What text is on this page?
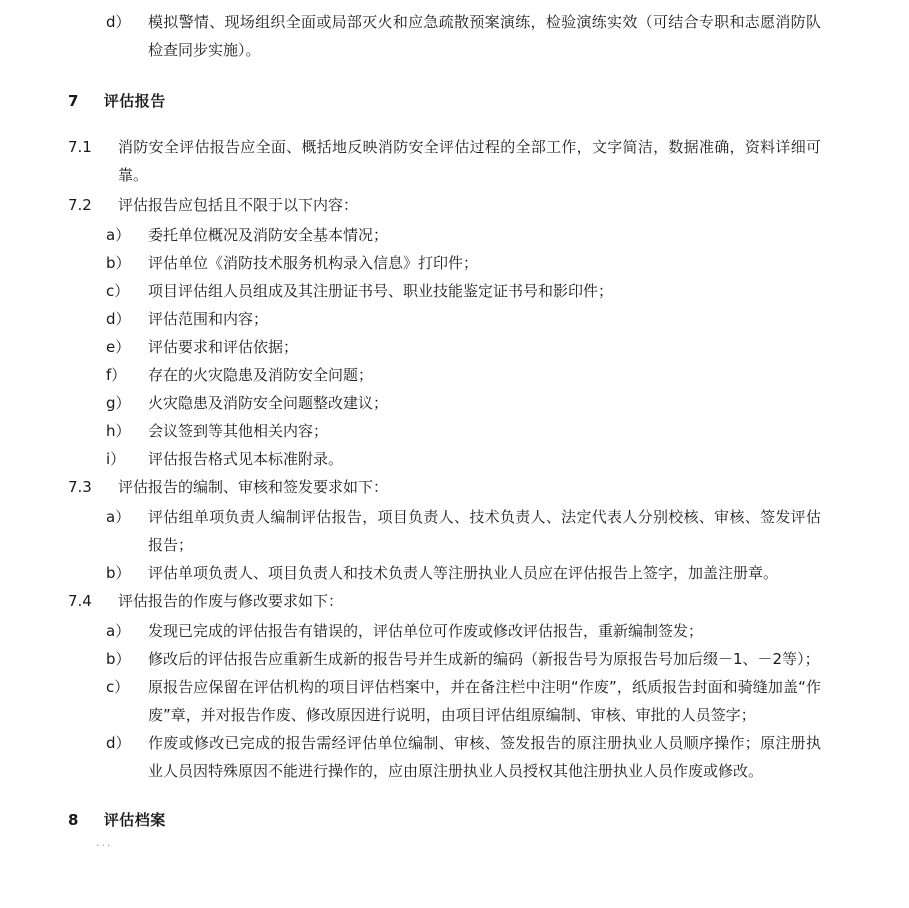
d）	模拟警情、现场组织全面或局部灭火和应急疏散预案演练，检验演练实效（可结合专职和志愿消防队检查同步实施）。
7 评估报告
7.1	消防安全评估报告应全面、概括地反映消防安全评估过程的全部工作，文字简洁，数据准确，资料详细可靠。
7.2	评估报告应包括且不限于以下内容：
a）	委托单位概况及消防安全基本情况；
b）	评估单位《消防技术服务机构录入信息》打印件；
c）	项目评估组人员组成及其注册证书号、职业技能鉴定证书号和影印件；
d）	评估范围和内容；
e）	评估要求和评估依据；
f）	存在的火灾隐患及消防安全问题；
g）	火灾隐患及消防安全问题整改建议；
h）	会议签到等其他相关内容；
i）	评估报告格式见本标准附录。
7.3	评估报告的编制、审核和签发要求如下：
a）	评估组单项负责人编制评估报告，项目负责人、技术负责人、法定代表人分别校核、审核、签发评估报告；
b）	评估单项负责人、项目负责人和技术负责人等注册执业人员应在评估报告上签字，加盖注册章。
7.4	评估报告的作废与修改要求如下：
a）	发现已完成的评估报告有错误的，评估单位可作废或修改评估报告，重新编制签发；
b）	修改后的评估报告应重新生成新的报告号并生成新的编码（新报告号为原报告号加后缀－1、－2等）；
c）	原报告应保留在评估机构的项目评估档案中，并在备注栏中注明“作废”，纸质报告封面和骑缝加盖“作废”章，并对报告作废、修改原因进行说明，由项目评估组原编制、审核、审批的人员签字；
d）	作废或修改已完成的报告需经评估单位编制、审核、签发报告的原注册执业人员顺序操作；原注册执业人员因特殊原因不能进行操作的，应由原注册执业人员授权其他注册执业人员作废或修改。
...
8 评估档案
